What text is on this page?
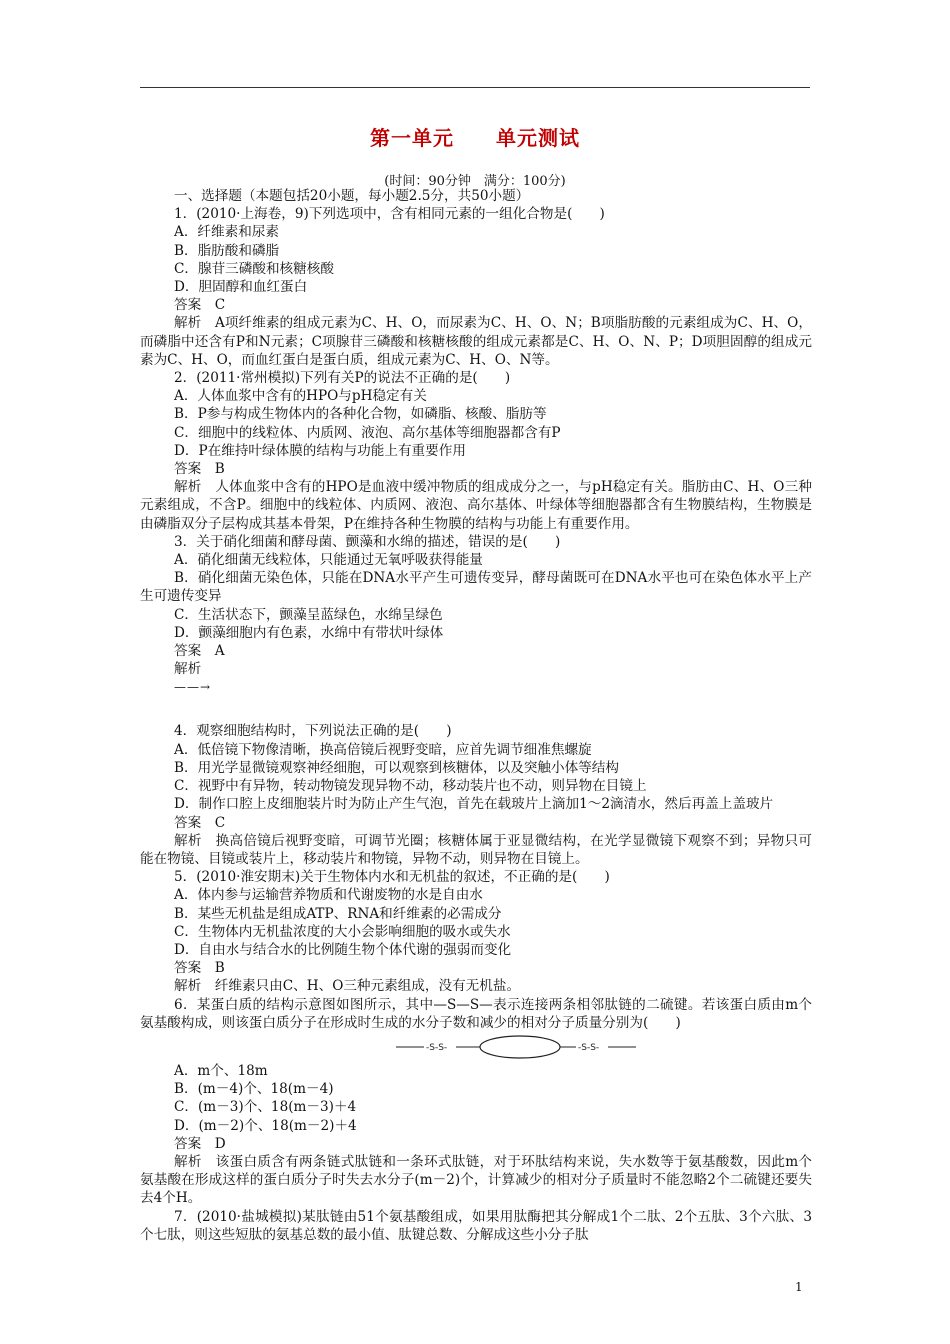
第一单元　　单元测试
(时间：90分钟　满分：100分)

一、选择题（本题包括20小题，每小题2.5分，共50小题）

1．(2010·上海卷，9)下列选项中，含有相同元素的一组化合物是(　　)

A．纤维素和尿素

B．脂肪酸和磷脂

C．腺苷三磷酸和核糖核酸

D．胆固醇和血红蛋白

答案　C

解析　A项纤维素的组成元素为C、H、O，而尿素为C、H、O、N；B项脂肪酸的元素组成为C、H、O，而磷脂中还含有P和N元素；C项腺苷三磷酸和核糖核酸的组成元素都是C、H、O、N、P；D项胆固醇的组成元素为C、H、O，而血红蛋白是蛋白质，组成元素为C、H、O、N等。

2．(2011·常州模拟)下列有关P的说法不正确的是(　　)

A．人体血浆中含有的HPO与pH稳定有关

B．P参与构成生物体内的各种化合物，如磷脂、核酸、脂肪等

C．细胞中的线粒体、内质网、液泡、高尔基体等细胞器都含有P

D．P在维持叶绿体膜的结构与功能上有重要作用

答案　B

解析　人体血浆中含有的HPO是血液中缓冲物质的组成成分之一，与pH稳定有关。脂肪由C、H、O三种元素组成，不含P。细胞中的线粒体、内质网、液泡、高尔基体、叶绿体等细胞器都含有生物膜结构，生物膜是由磷脂双分子层构成其基本骨架，P在维持各种生物膜的结构与功能上有重要作用。

3．关于硝化细菌和酵母菌、颤藻和水绵的描述，错误的是(　　)

A．硝化细菌无线粒体，只能通过无氧呼吸获得能量

B．硝化细菌无染色体，只能在DNA水平产生可遗传变异，酵母菌既可在DNA水平也可在染色体水平上产生可遗传变异

C．生活状态下，颤藻呈蓝绿色，水绵呈绿色

D．颤藻细胞内有色素，水绵中有带状叶绿体

答案　A

解析

——→

4．观察细胞结构时，下列说法正确的是(　　)

A．低倍镜下物像清晰，换高倍镜后视野变暗，应首先调节细准焦螺旋

B．用光学显微镜观察神经细胞，可以观察到核糖体，以及突触小体等结构

C．视野中有异物，转动物镜发现异物不动，移动装片也不动，则异物在目镜上

D．制作口腔上皮细胞装片时为防止产生气泡，首先在载玻片上滴加1～2滴清水，然后再盖上盖玻片

答案　C

解析　换高倍镜后视野变暗，可调节光圈；核糖体属于亚显微结构，在光学显微镜下观察不到；异物只可能在物镜、目镜或装片上，移动装片和物镜，异物不动，则异物在目镜上。

5．(2010·淮安期末)关于生物体内水和无机盐的叙述，不正确的是(　　)

A．体内参与运输营养物质和代谢废物的水是自由水

B．某些无机盐是组成ATP、RNA和纤维素的必需成分

C．生物体内无机盐浓度的大小会影响细胞的吸水或失水

D．自由水与结合水的比例随生物个体代谢的强弱而变化

答案　B

解析　纤维素只由C、H、O三种元素组成，没有无机盐。

6．某蛋白质的结构示意图如图所示，其中—S—S—表示连接两条相邻肽链的二硫键。若该蛋白质由m个氨基酸构成，则该蛋白质分子在形成时生成的水分子数和减少的相对分子质量分别为(　　)

-S-S-	-S-S-

A．m个、18m

B．(m－4)个、18(m－4)

C．(m－3)个、18(m－3)＋4

D．(m－2)个、18(m－2)＋4

答案　D

解析　该蛋白质含有两条链式肽链和一条环式肽链，对于环肽结构来说，失水数等于氨基酸数，因此m个氨基酸在形成这样的蛋白质分子时失去水分子(m－2)个，计算减少的相对分子质量时不能忽略2个二硫键还要失去4个H。

7．(2010·盐城模拟)某肽链由51个氨基酸组成，如果用肽酶把其分解成1个二肽、2个五肽、3个六肽、3个七肽，则这些短肽的氨基总数的最小值、肽键总数、分解成这些小分子肽

1
